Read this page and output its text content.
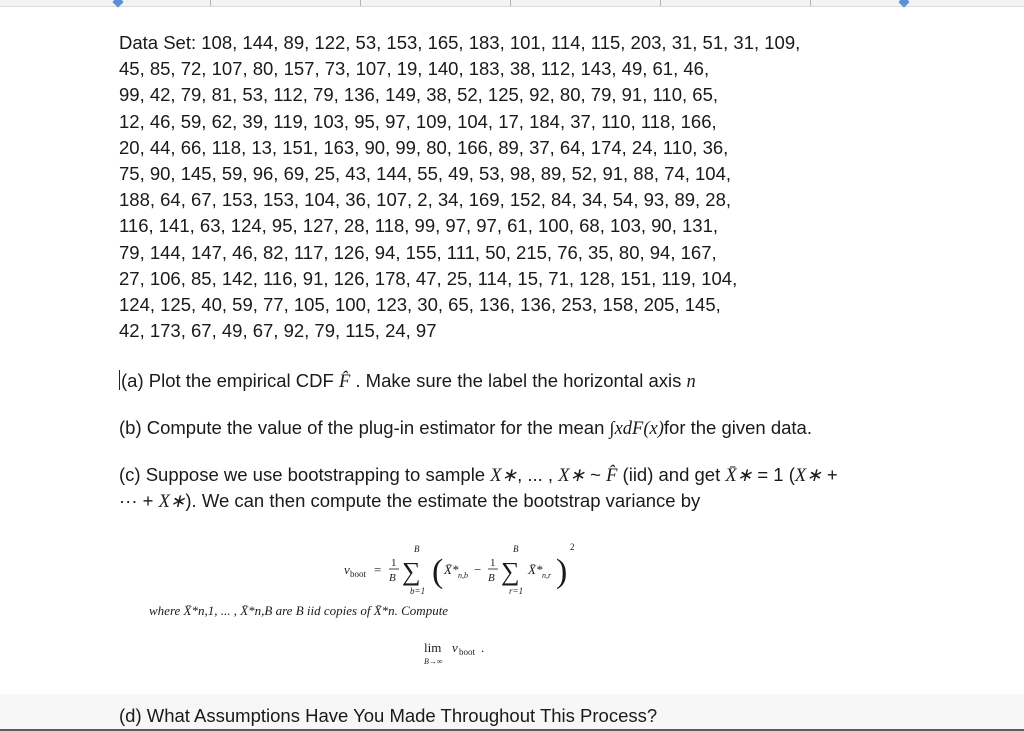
Data Set: 108, 144, 89, 122, 53, 153, 165, 183, 101, 114, 115, 203, 31, 51, 31, 109,
45, 85, 72, 107, 80, 157, 73, 107, 19, 140, 183, 38, 112, 143, 49, 61, 46,
99, 42, 79, 81, 53, 112, 79, 136, 149, 38, 52, 125, 92, 80, 79, 91, 110, 65,
12, 46, 59, 62, 39, 119, 103, 95, 97, 109, 104, 17, 184, 37, 110, 118, 166,
20, 44, 66, 118, 13, 151, 163, 90, 99, 80, 166, 89, 37, 64, 174, 24, 110, 36,
75, 90, 145, 59, 96, 69, 25, 43, 144, 55, 49, 53, 98, 89, 52, 91, 88, 74, 104,
188, 64, 67, 153, 153, 104, 36, 107, 2, 34, 169, 152, 84, 34, 54, 93, 89, 28,
116, 141, 63, 124, 95, 127, 28, 118, 99, 97, 97, 61, 100, 68, 103, 90, 131,
79, 144, 147, 46, 82, 117, 126, 94, 155, 111, 50, 215, 76, 35, 80, 94, 167,
27, 106, 85, 142, 116, 91, 126, 178, 47, 25, 114, 15, 71, 128, 151, 119, 104,
124, 125, 40, 59, 77, 105, 100, 123, 30, 65, 136, 136, 253, 158, 205, 145,
42, 173, 67, 49, 67, 92, 79, 115, 24, 97
(a) Plot the empirical CDF F̂ . Make sure the label the horizontal axis n
(b) Compute the value of the plug-in estimator for the mean ∫xdF(x)for the given data.
(c) Suppose we use bootstrapping to sample X∗, ... , X∗ ~ F̂ (iid) and get X̄∗ = 1 (X∗ +
··· + X∗). We can then compute the estimate the bootstrap variance by
v boot = 1
B
B
∑
b=1
( X̄* n,b − 1
B
B
∑
r=1
X̄* n,r )
2
where X̄*n,1, ... , X̄*n,B are B iid copies of X̄*n. Compute
lim
B→∞
v boot .
(d) What Assumptions Have You Made Throughout This Process?
